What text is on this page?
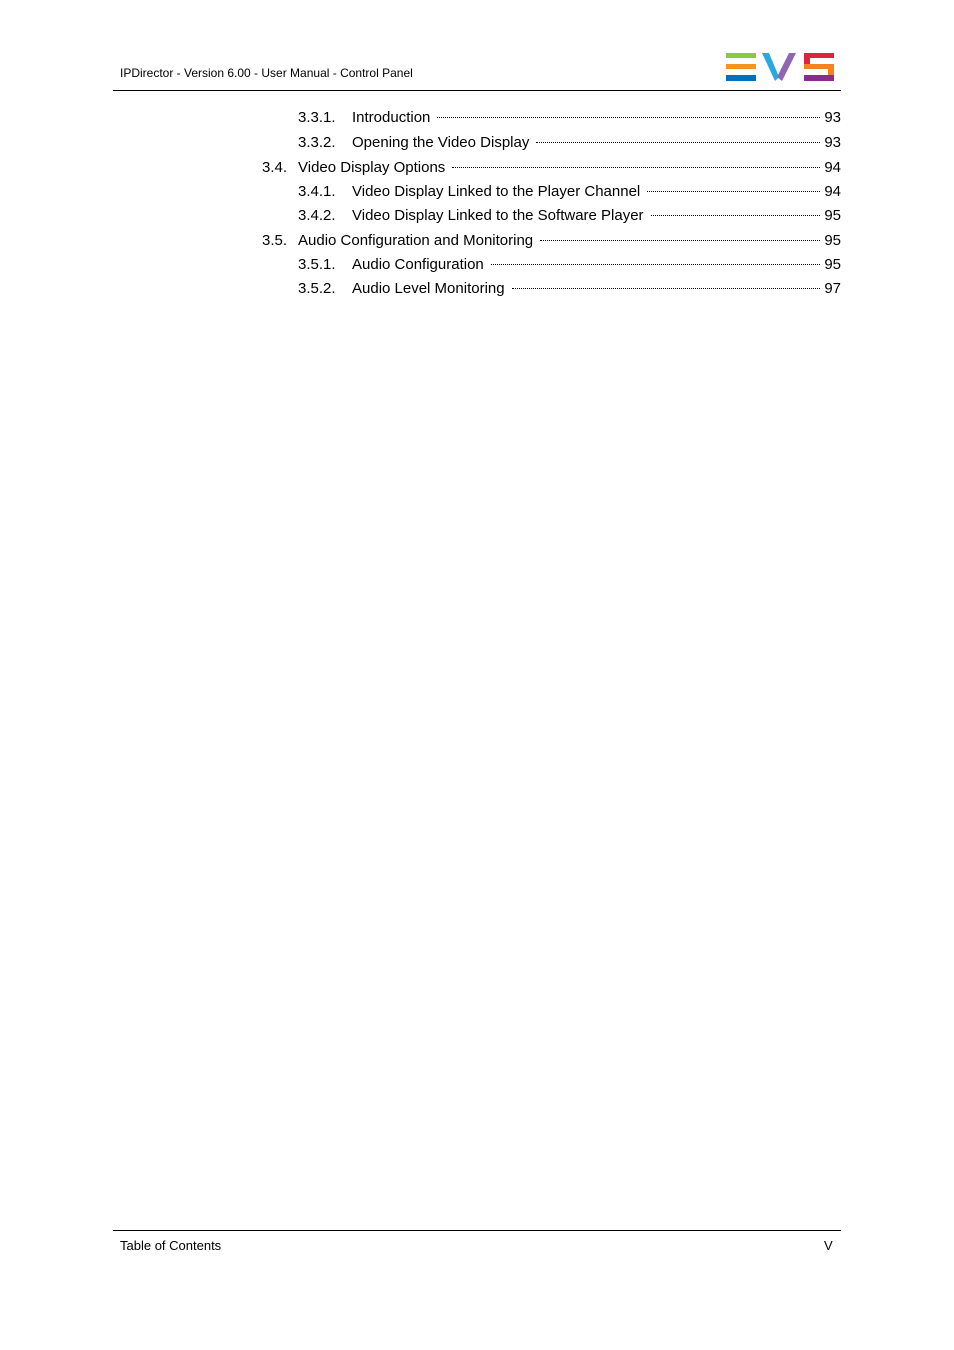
IPDirector - Version 6.00 - User Manual - Control Panel
3.3.1.	Introduction	93
3.3.2.	Opening the Video Display	93
3.4. Video Display Options	94
3.4.1.	Video Display Linked to the Player Channel	94
3.4.2.	Video Display Linked to the Software Player	95
3.5. Audio Configuration and Monitoring	95
3.5.1.	Audio Configuration	95
3.5.2.	Audio Level Monitoring	97
Table of Contents	V
